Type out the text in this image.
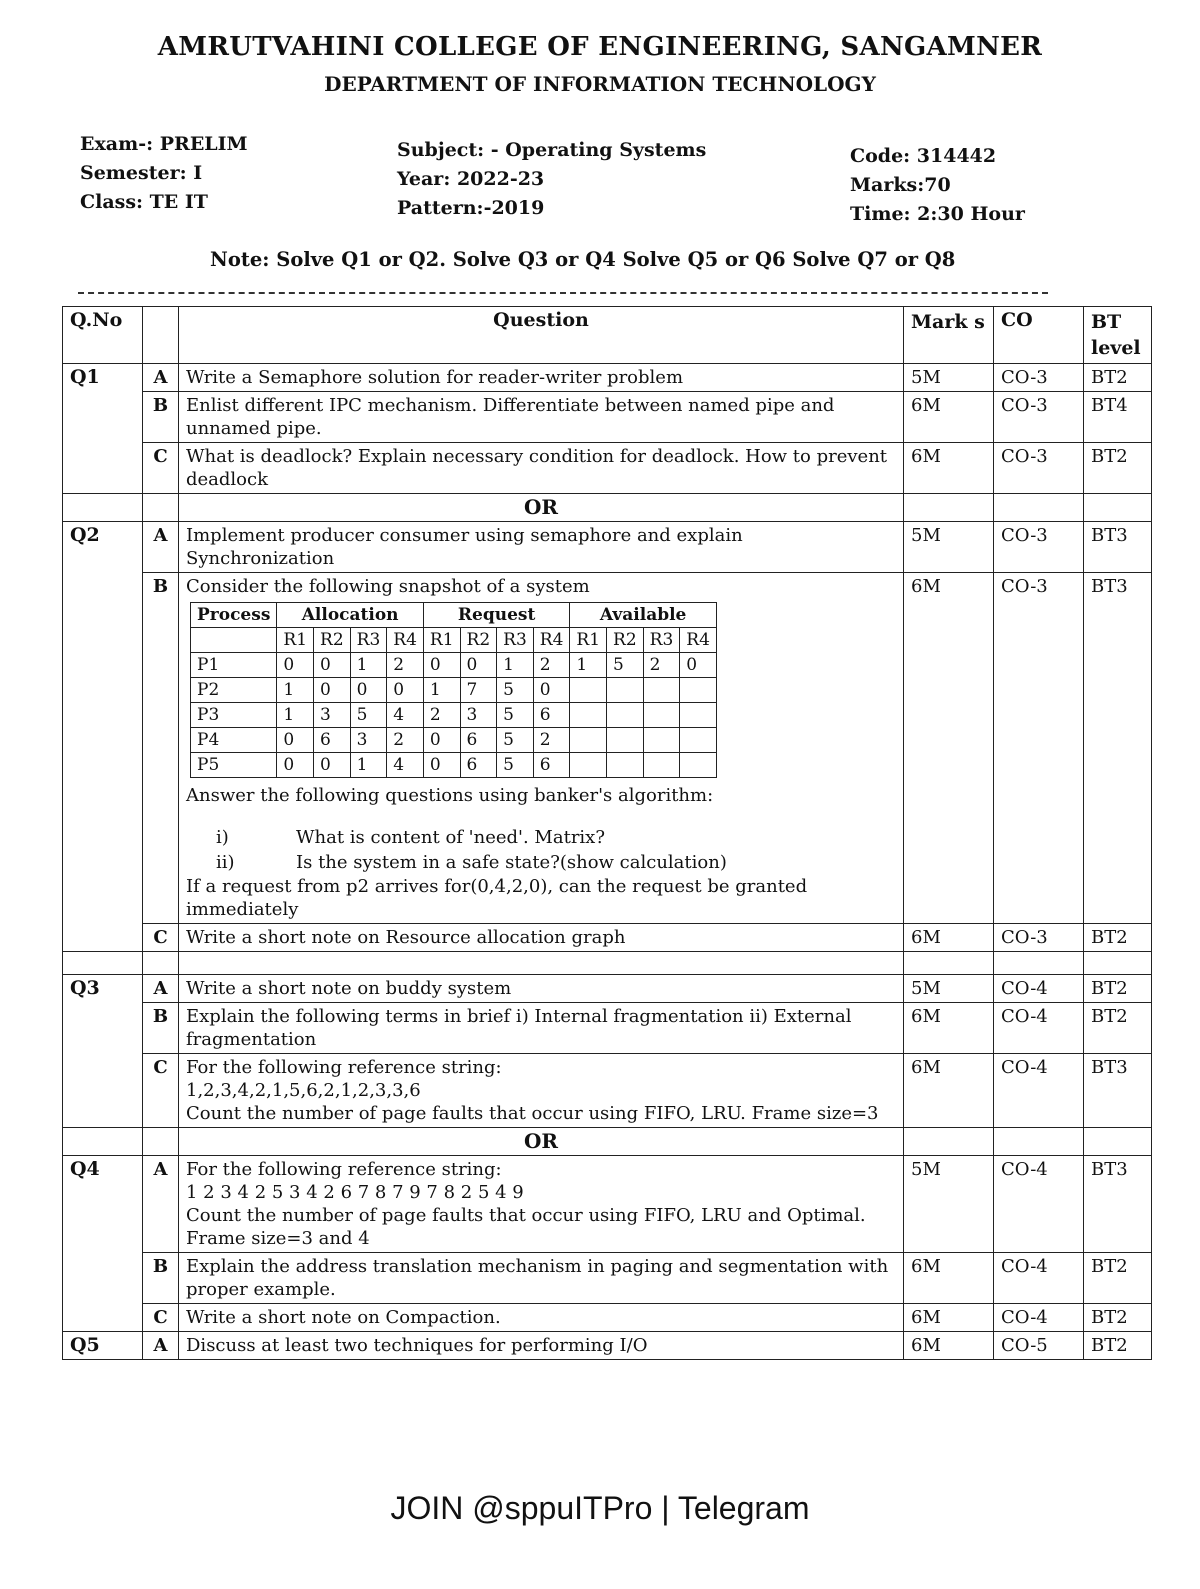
AMRUTVAHINI COLLEGE OF ENGINEERING, SANGAMNER
DEPARTMENT OF INFORMATION TECHNOLOGY
Exam-: PRELIM
Semester: I
Class: TE IT
Subject: - Operating Systems
Year: 2022-23
Pattern:-2019
Code: 314442
Marks:70
Time: 2:30 Hour
Note: Solve Q1 or Q2. Solve Q3 or Q4 Solve Q5 or Q6 Solve Q7 or Q8
Q.No		Question	Mark s	CO	BT level
Q1	A	Write a Semaphore solution for reader-writer problem	5M	CO-3	BT2
B	Enlist different IPC mechanism. Differentiate between named pipe and unnamed pipe.	6M	CO-3	BT4
C	What is deadlock? Explain necessary condition for deadlock. How to prevent deadlock	6M	CO-3	BT2
		OR			
Q2	A	Implement producer consumer using semaphore and explain Synchronization	5M	CO-3	BT3
B	Consider the following snapshot of a system
Process	Allocation	Request	Available
	R1	R2	R3	R4	R1	R2	R3	R4	R1	R2	R3	R4
P1	0	0	1	2	0	0	1	2	1	5	2	0
P2	1	0	0	0	1	7	5	0				
P3	1	3	5	4	2	3	5	6				
P4	0	6	3	2	0	6	5	2				
P5	0	0	1	4	0	6	5	6				
Answer the following questions using banker's algorithm:
i)	What is content of 'need'. Matrix?
ii)	Is the system in a safe state?(show calculation)
If a request from p2 arrives for(0,4,2,0), can the request be granted immediately
	6M	CO-3	BT3
C	Write a short note on Resource allocation graph	6M	CO-3	BT2

Q3	A	Write a short note on buddy system	5M	CO-4	BT2
B	Explain the following terms in brief i) Internal fragmentation ii) External fragmentation	6M	CO-4	BT2
C	For the following reference string:
1,2,3,4,2,1,5,6,2,1,2,3,3,6
Count the number of page faults that occur using FIFO, LRU. Frame size=3
	6M	CO-4	BT3
		OR			
Q4	A	For the following reference string:
1 2 3 4 2 5 3 4 2 6 7 8 7 9 7 8 2 5 4 9
Count the number of page faults that occur using FIFO, LRU and Optimal. Frame size=3 and 4
	5M	CO-4	BT3
B	Explain the address translation mechanism in paging and segmentation with proper example.	6M	CO-4	BT2
C	Write a short note on Compaction.	6M	CO-4	BT2
Q5	A	Discuss at least two techniques for performing I/O	6M	CO-5	BT2
JOIN @sppuITPro | Telegram
